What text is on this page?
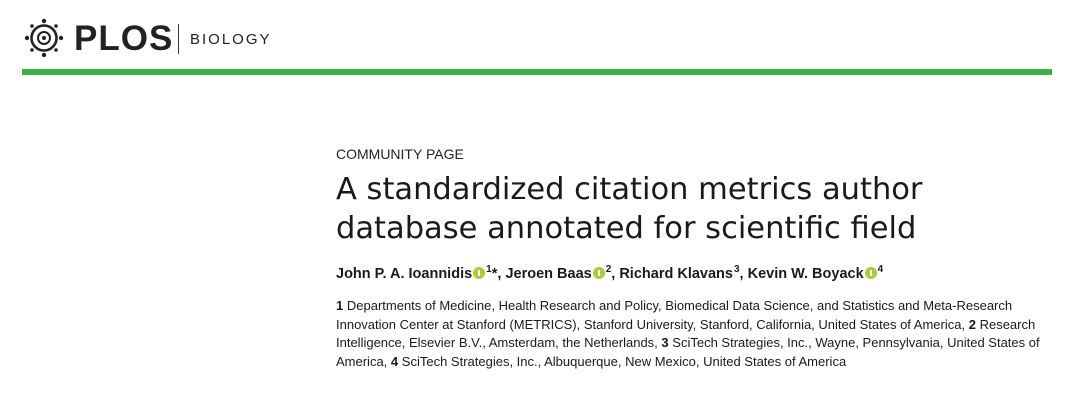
PLOS BIOLOGY
COMMUNITY PAGE
A standardized citation metrics author
database annotated for scientific field
John P. A. Ioannidis $^1$*, Jeroen Baas $^2$, Richard Klavans$^3$, Kevin W. Boyack $^4$
1 Departments of Medicine, Health Research and Policy, Biomedical Data Science, and Statistics and Meta-Research Innovation Center at Stanford (METRICS), Stanford University, Stanford, California, United States of America, 2 Research Intelligence, Elsevier B.V., Amsterdam, the Netherlands, 3 SciTech Strategies, Inc., Wayne, Pennsylvania, United States of America, 4 SciTech Strategies, Inc., Albuquerque, New Mexico, United States of America
